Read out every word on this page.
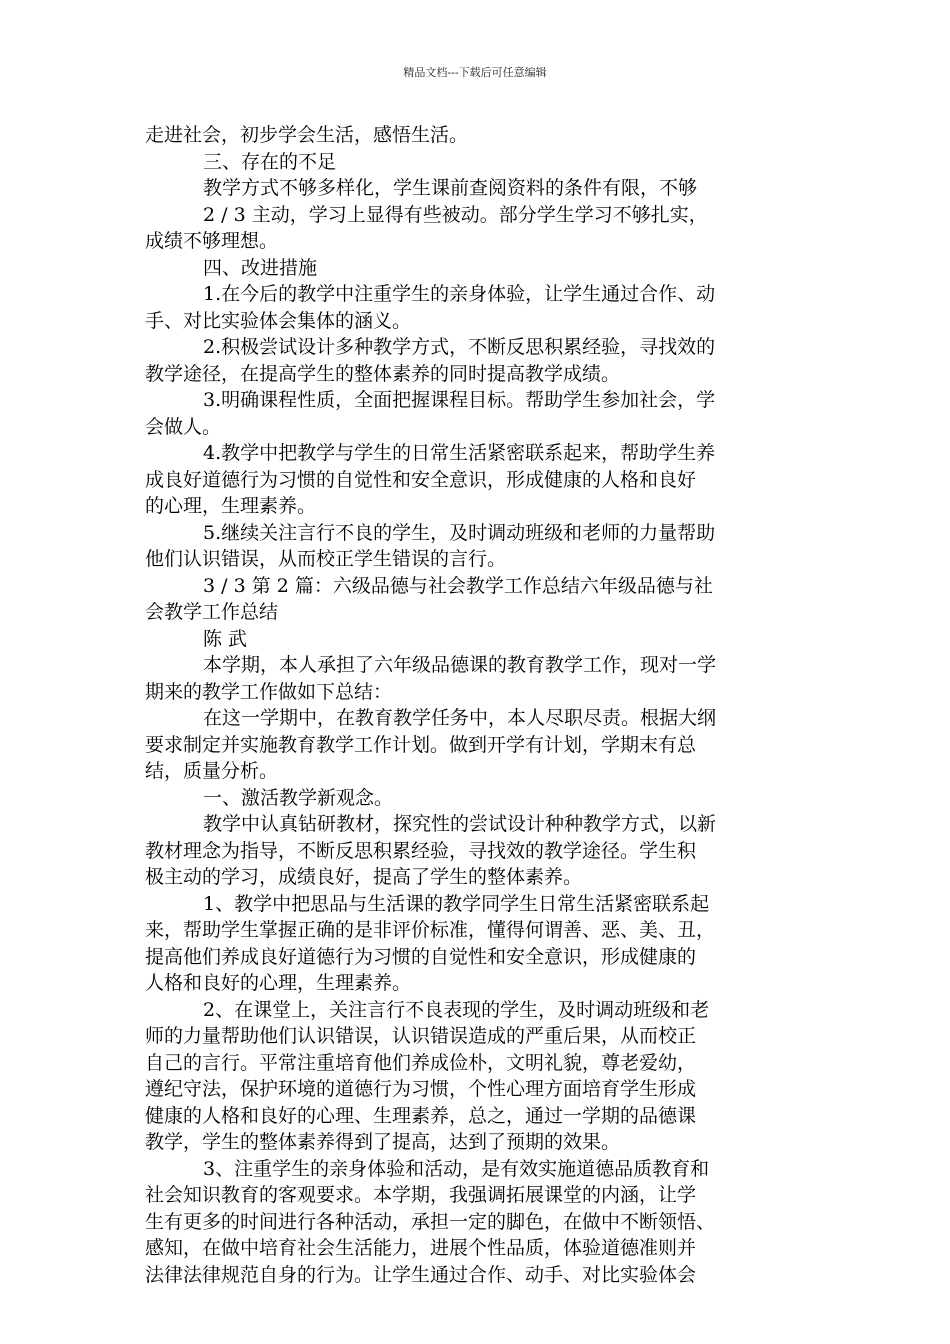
精品文档---下载后可任意编辑
走进社会，初步学会生活，感悟生活。
三、存在的不足
教学方式不够多样化，学生课前查阅资料的条件有限，不够
2 / 3 主动，学习上显得有些被动。部分学生学习不够扎实，
成绩不够理想。
四、改进措施
1.在今后的教学中注重学生的亲身体验，让学生通过合作、动
手、对比实验体会集体的涵义。
2.积极尝试设计多种教学方式，不断反思积累经验，寻找效的
教学途径，在提高学生的整体素养的同时提高教学成绩。
3.明确课程性质，全面把握课程目标。帮助学生参加社会，学
会做人。
4.教学中把教学与学生的日常生活紧密联系起来，帮助学生养
成良好道德行为习惯的自觉性和安全意识，形成健康的人格和良好
的心理，生理素养。
5.继续关注言行不良的学生，及时调动班级和老师的力量帮助
他们认识错误，从而校正学生错误的言行。
3 / 3 第 2 篇：六级品德与社会教学工作总结六年级品德与社
会教学工作总结
陈 武
本学期，本人承担了六年级品德课的教育教学工作，现对一学
期来的教学工作做如下总结：
在这一学期中，在教育教学任务中，本人尽职尽责。根据大纲
要求制定并实施教育教学工作计划。做到开学有计划，学期末有总
结，质量分析。
一、激活教学新观念。
教学中认真钻研教材，探究性的尝试设计种种教学方式，以新
教材理念为指导，不断反思积累经验，寻找效的教学途径。学生积
极主动的学习，成绩良好，提高了学生的整体素养。
1、教学中把思品与生活课的教学同学生日常生活紧密联系起
来，帮助学生掌握正确的是非评价标准，懂得何谓善、恶、美、丑，
提高他们养成良好道德行为习惯的自觉性和安全意识，形成健康的
人格和良好的心理，生理素养。
2、在课堂上，关注言行不良表现的学生，及时调动班级和老
师的力量帮助他们认识错误，认识错误造成的严重后果，从而校正
自己的言行。平常注重培育他们养成俭朴，文明礼貌，尊老爱幼，
遵纪守法，保护环境的道德行为习惯，个性心理方面培育学生形成
健康的人格和良好的心理、生理素养，总之，通过一学期的品德课
教学，学生的整体素养得到了提高，达到了预期的效果。
3、注重学生的亲身体验和活动，是有效实施道德品质教育和
社会知识教育的客观要求。本学期，我强调拓展课堂的内涵，让学
生有更多的时间进行各种活动，承担一定的脚色，在做中不断领悟、
感知，在做中培育社会生活能力，进展个性品质，体验道德准则并
法律法律规范自身的行为。让学生通过合作、动手、对比实验体会
